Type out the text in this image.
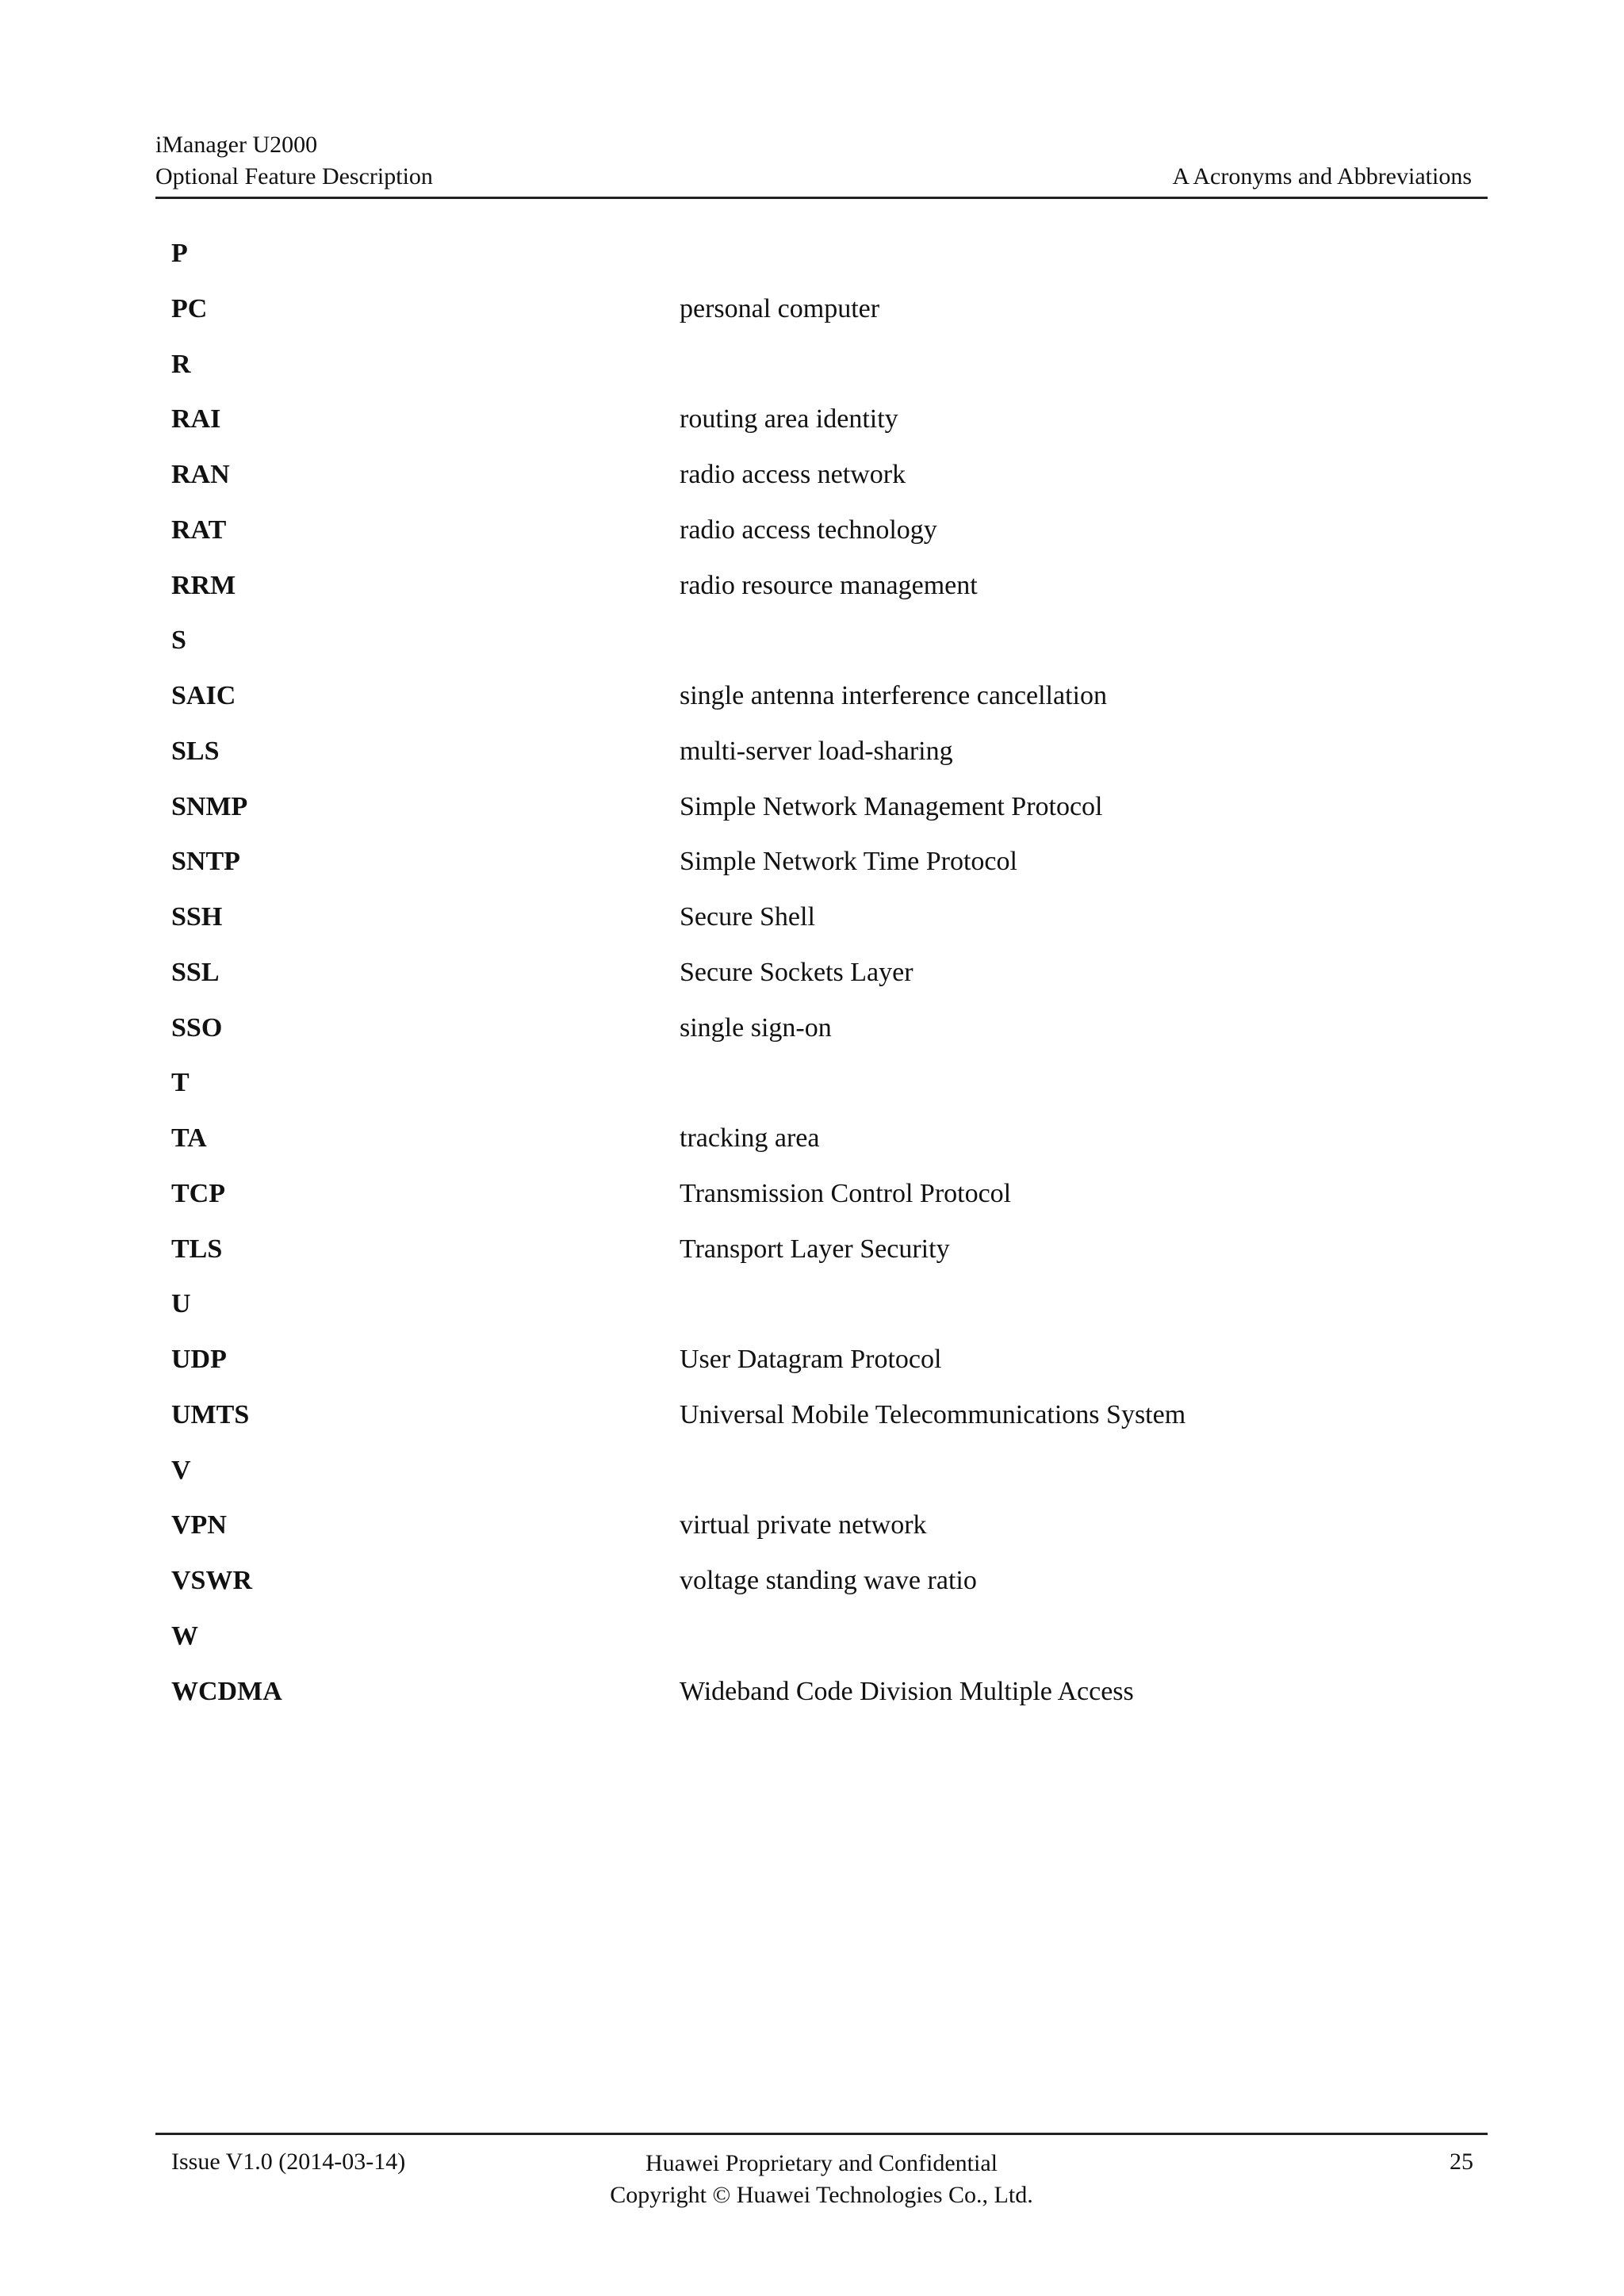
iManager U2000
Optional Feature Description	A Acronyms and Abbreviations
P
PC	personal computer
R
RAI	routing area identity
RAN	radio access network
RAT	radio access technology
RRM	radio resource management
S
SAIC	single antenna interference cancellation
SLS	multi-server load-sharing
SNMP	Simple Network Management Protocol
SNTP	Simple Network Time Protocol
SSH	Secure Shell
SSL	Secure Sockets Layer
SSO	single sign-on
T
TA	tracking area
TCP	Transmission Control Protocol
TLS	Transport Layer Security
U
UDP	User Datagram Protocol
UMTS	Universal Mobile Telecommunications System
V
VPN	virtual private network
VSWR	voltage standing wave ratio
W
WCDMA	Wideband Code Division Multiple Access
Issue V1.0 (2014-03-14)	Huawei Proprietary and Confidential
Copyright © Huawei Technologies Co., Ltd.
25
